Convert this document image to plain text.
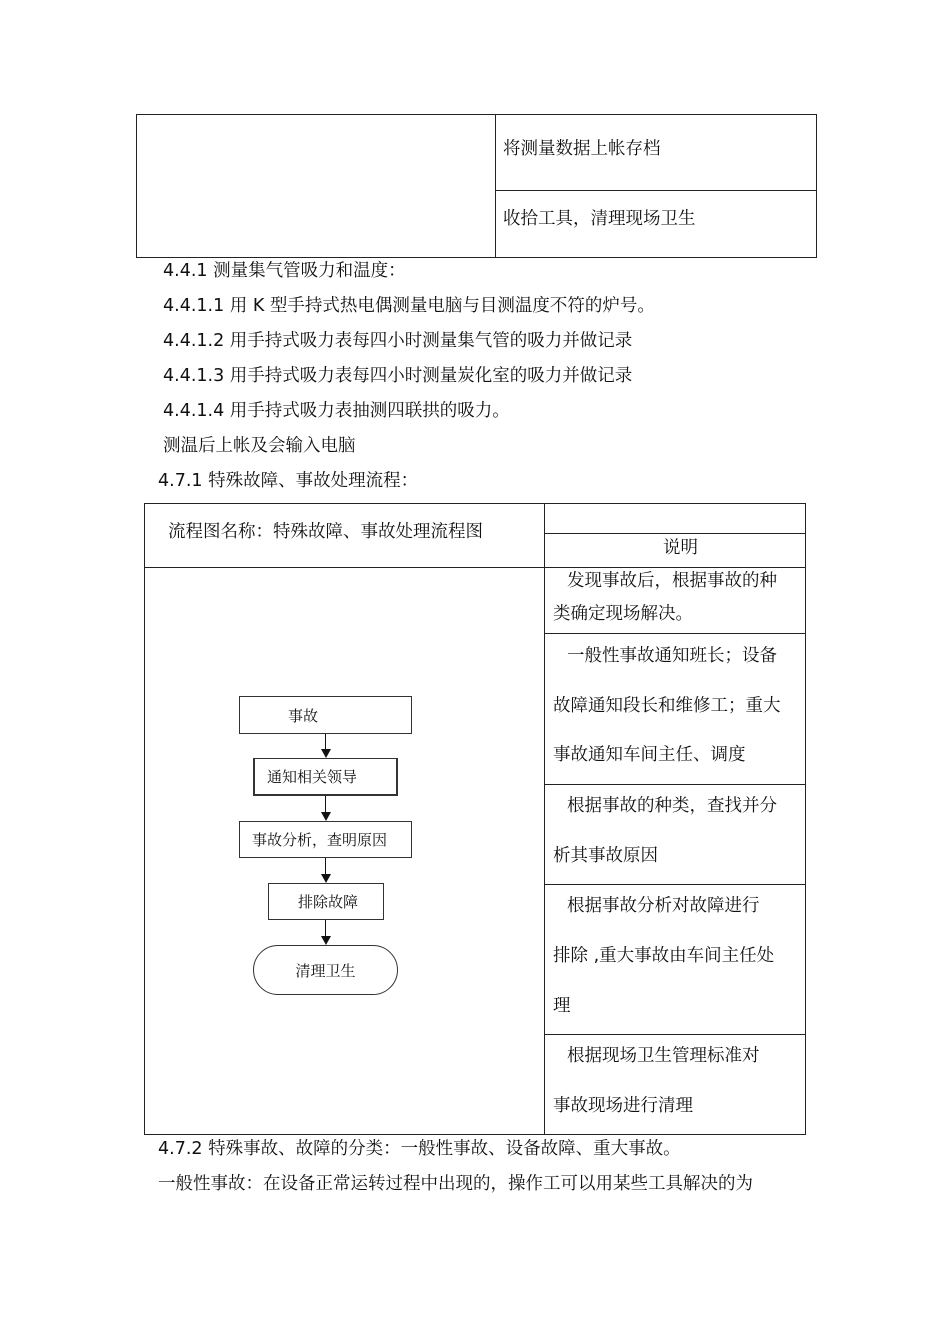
将测量数据上帐存档
收拾工具，清理现场卫生
4.4.1 测量集气管吸力和温度：
4.4.1.1 用 K 型手持式热电偶测量电脑与目测温度不符的炉号。
4.4.1.2 用手持式吸力表每四小时测量集气管的吸力并做记录
4.4.1.3 用手持式吸力表每四小时测量炭化室的吸力并做记录
4.4.1.4 用手持式吸力表抽测四联拱的吸力。
测温后上帐及会输入电脑
4.7.1 特殊故障、事故处理流程：
流程图名称：特殊故障、事故处理流程图
说明
发现事故后，根据事故的种
类确定现场解决。
一般性事故通知班长；设备
故障通知段长和维修工；重大
事故通知车间主任、调度
根据事故的种类，查找并分
析其事故原因
根据事故分析对故障进行
排除 ,重大事故由车间主任处
理
根据现场卫生管理标准对
事故现场进行清理
事故
通知相关领导
事故分析，查明原因
排除故障
清理卫生
4.7.2 特殊事故、故障的分类：一般性事故、设备故障、重大事故。
一般性事故：在设备正常运转过程中出现的，操作工可以用某些工具解决的为
